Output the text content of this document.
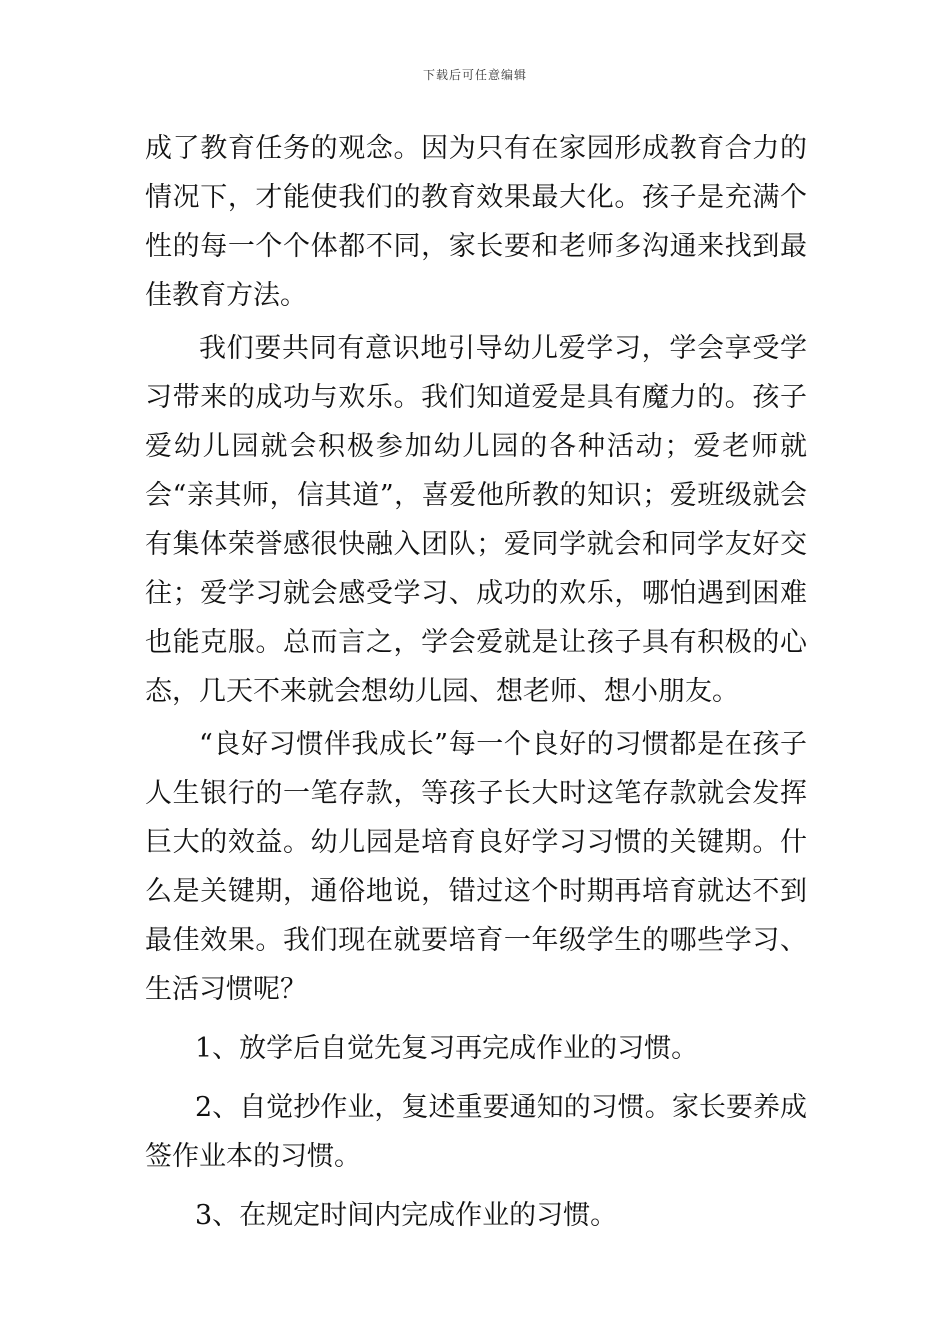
下载后可任意编辑

成了教育任务的观念。因为只有在家园形成教育合力的情况下，才能使我们的教育效果最大化。孩子是充满个性的每一个个体都不同，家长要和老师多沟通来找到最佳教育方法。

我们要共同有意识地引导幼儿爱学习，学会享受学习带来的成功与欢乐。我们知道爱是具有魔力的。孩子爱幼儿园就会积极参加幼儿园的各种活动；爱老师就会“亲其师，信其道”，喜爱他所教的知识；爱班级就会有集体荣誉感很快融入团队；爱同学就会和同学友好交往；爱学习就会感受学习、成功的欢乐，哪怕遇到困难也能克服。总而言之，学会爱就是让孩子具有积极的心态，几天不来就会想幼儿园、想老师、想小朋友。

“良好习惯伴我成长”每一个良好的习惯都是在孩子人生银行的一笔存款，等孩子长大时这笔存款就会发挥巨大的效益。幼儿园是培育良好学习习惯的关键期。什么是关键期，通俗地说，错过这个时期再培育就达不到最佳效果。我们现在就要培育一年级学生的哪些学习、生活习惯呢？

1、放学后自觉先复习再完成作业的习惯。

2、自觉抄作业，复述重要通知的习惯。家长要养成签作业本的习惯。

3、在规定时间内完成作业的习惯。
